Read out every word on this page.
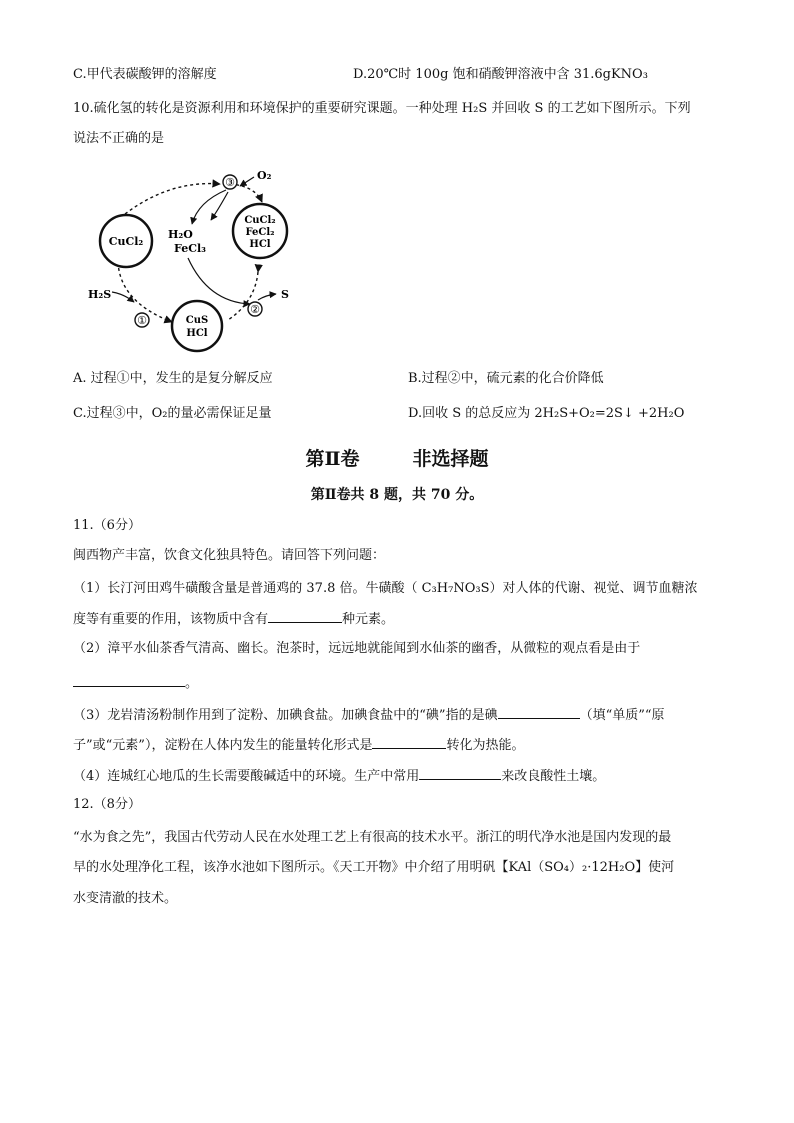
C.甲代表碳酸钾的溶解度	D.20℃时 100g 饱和硝酸钾溶液中含 31.6gKNO₃
10.硫化氢的转化是资源利用和环境保护的重要研究课题。一种处理 H₂S 并回收 S 的工艺如下图所示。下列
说法不正确的是
③
O₂
H₂O
FeCl₃
CuCl₂
CuCl₂
FeCl₂
HCl
CuS
HCl
H₂S
①
②
S
A. 过程①中，发生的是复分解反应	B.过程②中，硫元素的化合价降低
C.过程③中，O₂的量必需保证足量	D.回收 S 的总反应为 2H₂S+O₂=2S↓ +2H₂O
第Ⅱ卷        非选择题
第Ⅱ卷共 8 题，共 70 分。
11.（6分）
闽西物产丰富，饮食文化独具特色。请回答下列问题：
（1）长汀河田鸡牛磺酸含量是普通鸡的 37.8 倍。牛磺酸（ C₃H₇NO₃S）对人体的代谢、视觉、调节血糖浓
度等有重要的作用，该物质中含有	种元素。
（2）漳平水仙茶香气清高、幽长。泡茶时，远远地就能闻到水仙茶的幽香，从微粒的观点看是由于
。
（3）龙岩清汤粉制作用到了淀粉、加碘食盐。加碘食盐中的“碘”指的是碘	（填“单质”“原
子”或“元素”），淀粉在人体内发生的能量转化形式是	转化为热能。
（4）连城红心地瓜的生长需要酸碱适中的环境。生产中常用	来改良酸性土壤。
12.（8分）
“水为食之先”，我国古代劳动人民在水处理工艺上有很高的技术水平。浙江的明代净水池是国内发现的最
早的水处理净化工程，该净水池如下图所示。《天工开物》中介绍了用明矾【KAl（SO₄）₂·12H₂O】使河
水变清澈的技术。
